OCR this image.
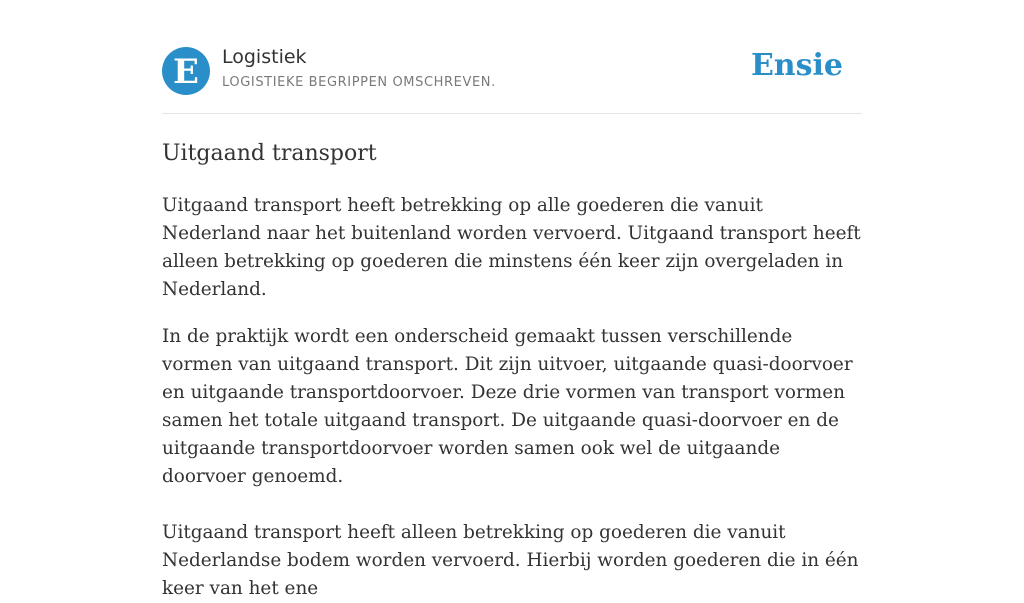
E	Logistiek
LOGISTIEKE BEGRIPPEN OMSCHREVEN.	Ensie
Uitgaand transport

Uitgaand transport heeft betrekking op alle goederen die vanuit Nederland naar het buitenland worden vervoerd. Uitgaand transport heeft alleen betrekking op goederen die minstens één keer zijn overgeladen in Nederland.

In de praktijk wordt een onderscheid gemaakt tussen verschillende vormen van uitgaand transport. Dit zijn uitvoer, uitgaande quasi-doorvoer en uitgaande transportdoorvoer. Deze drie vormen van transport vormen samen het totale uitgaand transport. De uitgaande quasi-doorvoer en de uitgaande transportdoorvoer worden samen ook wel de uitgaande doorvoer genoemd.

Uitgaand transport heeft alleen betrekking op goederen die vanuit Nederlandse bodem worden vervoerd. Hierbij worden goederen die in één keer van het ene
